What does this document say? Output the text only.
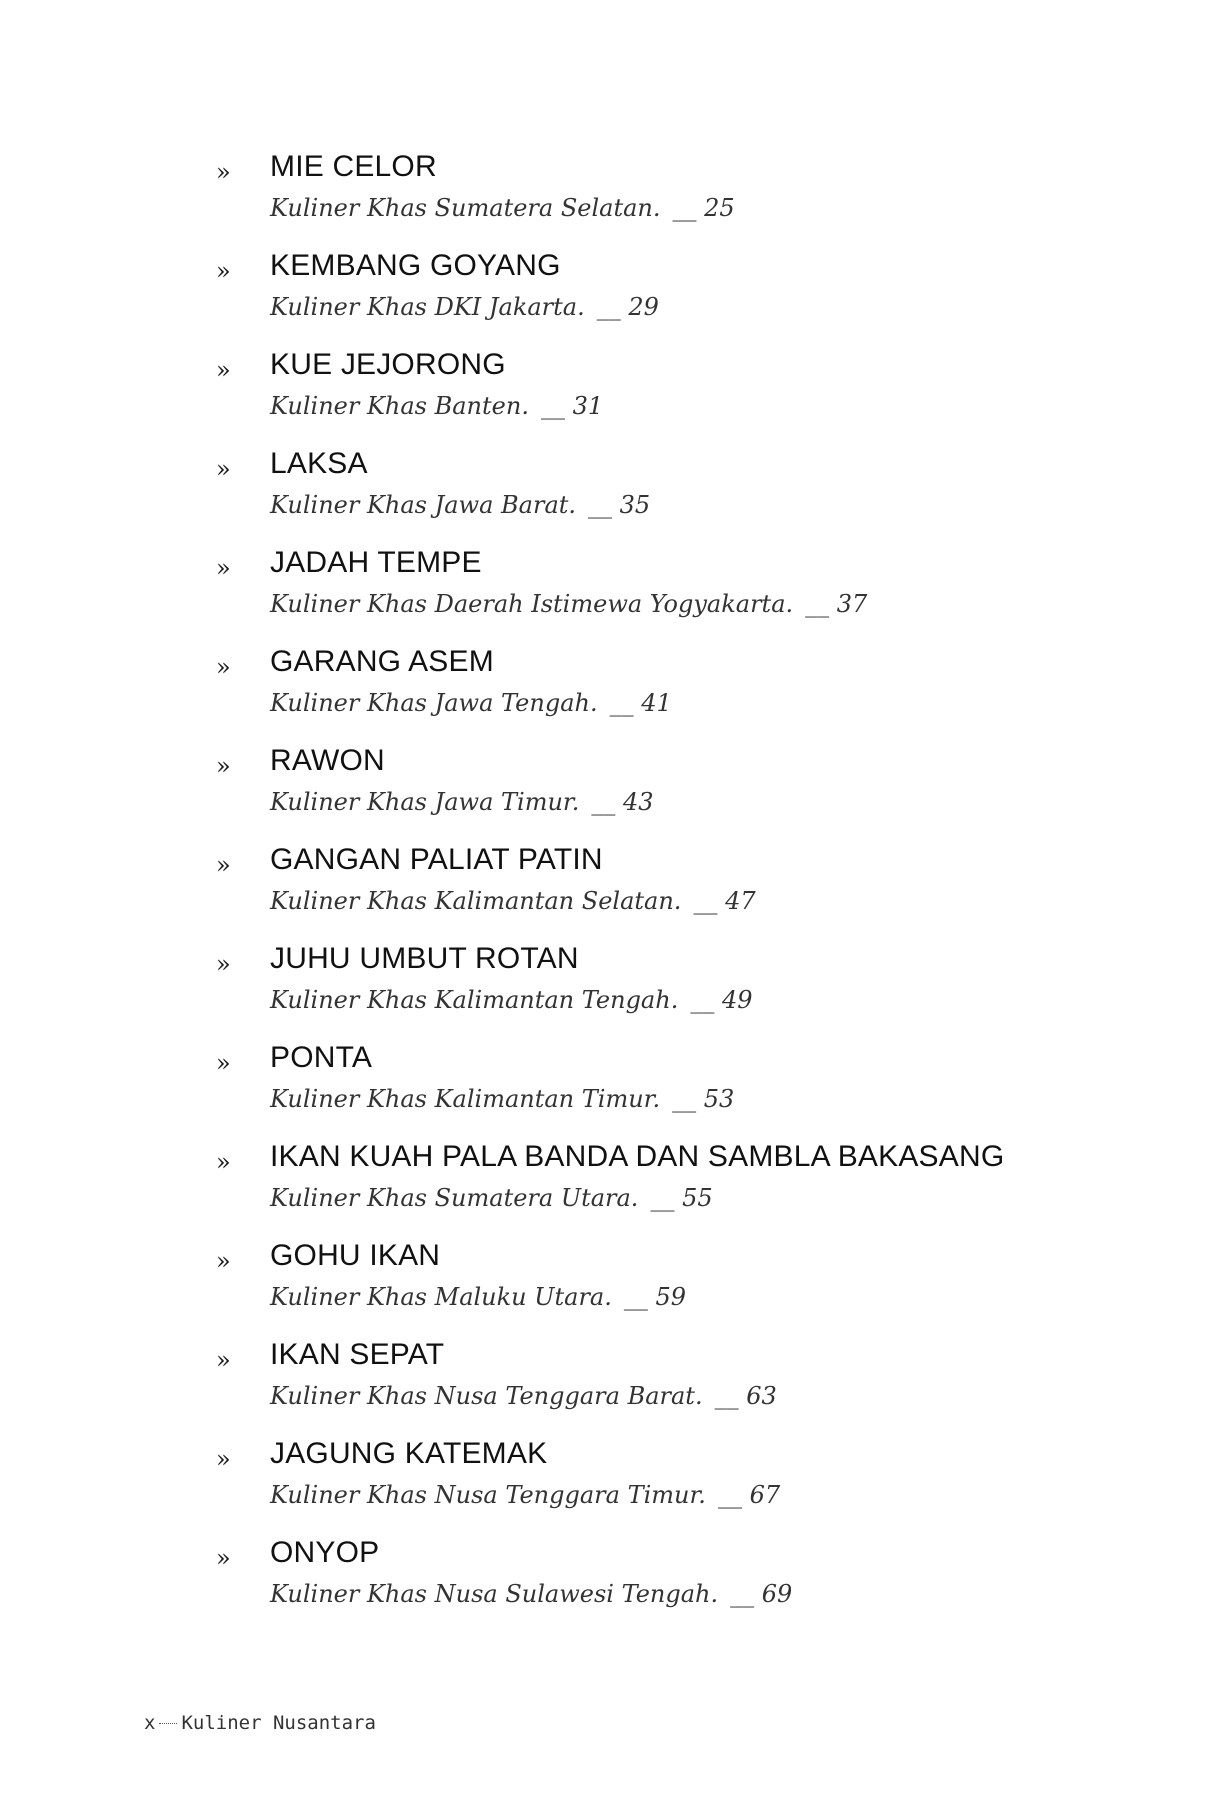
» MIE CELOR
Kuliner Khas Sumatera Selatan. __ 25
» KEMBANG GOYANG
Kuliner Khas DKI Jakarta. __ 29
» KUE JEJORONG
Kuliner Khas Banten. __ 31
» LAKSA
Kuliner Khas Jawa Barat. __ 35
» JADAH TEMPE
Kuliner Khas Daerah Istimewa Yogyakarta. __ 37
» GARANG ASEM
Kuliner Khas Jawa Tengah. __ 41
» RAWON
Kuliner Khas Jawa Timur. __ 43
» GANGAN PALIAT PATIN
Kuliner Khas Kalimantan Selatan. __ 47
» JUHU UMBUT ROTAN
Kuliner Khas Kalimantan Tengah. __ 49
» PONTA
Kuliner Khas Kalimantan Timur. __ 53
» IKAN KUAH PALA BANDA DAN SAMBLA BAKASANG
Kuliner Khas Sumatera Utara. __ 55
» GOHU IKAN
Kuliner Khas Maluku Utara. __ 59
» IKAN SEPAT
Kuliner Khas Nusa Tenggara Barat. __ 63
» JAGUNG KATEMAK
Kuliner Khas Nusa Tenggara Timur. __ 67
» ONYOP
Kuliner Khas Nusa Sulawesi Tengah. __ 69
x Kuliner Nusantara
